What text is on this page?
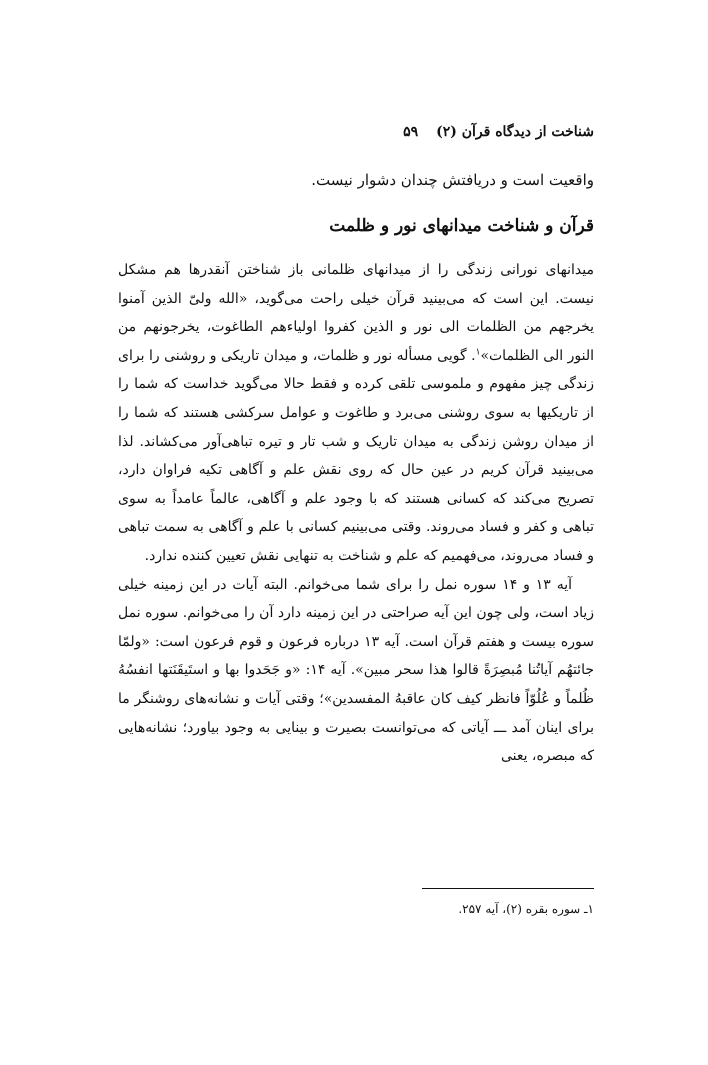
شناخت از دیدگاه قرآن (۲)
۵۹
واقعیت است و دریافتش چندان دشوار نیست.
قرآن و شناخت میدانهای نور و ظلمت

میدانهای نورانی زندگی را از میدانهای ظلمانی باز شناختن آنقدرها هم مشکل نیست. این است که می‌بینید قرآن خیلی راحت می‌گوید، «الله ولیّ الذین آمنوا یخرجهم من الظلمات الی نور و الذین کفروا اولیاءهم الطاغوت، یخرجونهم من النور الی الظلمات»$^۱$. گویی مسأله نور و ظلمات، و میدان تاریکی و روشنی را برای زندگی چیز مفهوم و ملموسی تلقی کرده و فقط حالا می‌گوید خداست که شما را از تاریکیها به سوی روشنی می‌برد و طاغوت و عوامل سرکشی هستند که شما را از میدان روشن زندگی به میدان تاریک و شب تار و تیره تباهی‌آور می‌کشاند. لذا می‌بینید قرآن کریم در عین حال که روی نقش علم و آگاهی تکیه فراوان دارد، تصریح می‌کند که کسانی هستند که با وجود علم و آگاهی، عالماً عامداً به سوی تباهی و کفر و فساد می‌روند. وقتی می‌بینیم کسانی با علم و آگاهی به سمت تباهی و فساد می‌روند، می‌فهمیم که علم و شناخت به تنهایی نقش تعیین کننده ندارد.

آیه ۱۳ و ۱۴ سوره نمل را برای شما می‌خوانم. البته آیات در این زمینه خیلی زیاد است، ولی چون این آیه صراحتی در این زمینه دارد آن را می‌خوانم. سوره نمل سوره بیست و هفتم قرآن است. آیه ۱۳ درباره فرعون و قوم فرعون است: «ولمّا جائتهُم آیاتُنا مُبصِرَةً قالوا هذا سحر مبین». آیه ۱۴: «و جَحَدوا بها و استَیقَنَتها انفسُهُ ظُلماً و عُلُوّاً فانظر کیف کان عاقبهُ المفسدین»؛ وقتی آیات و نشانه‌های روشنگر ما برای اینان آمد ـــ آیاتی که می‌توانست بصیرت و بینایی به وجود بیاورد؛ نشانه‌هایی که مبصره، یعنی

۱ـ سوره بقره (۲)، آیه ۲۵۷.
